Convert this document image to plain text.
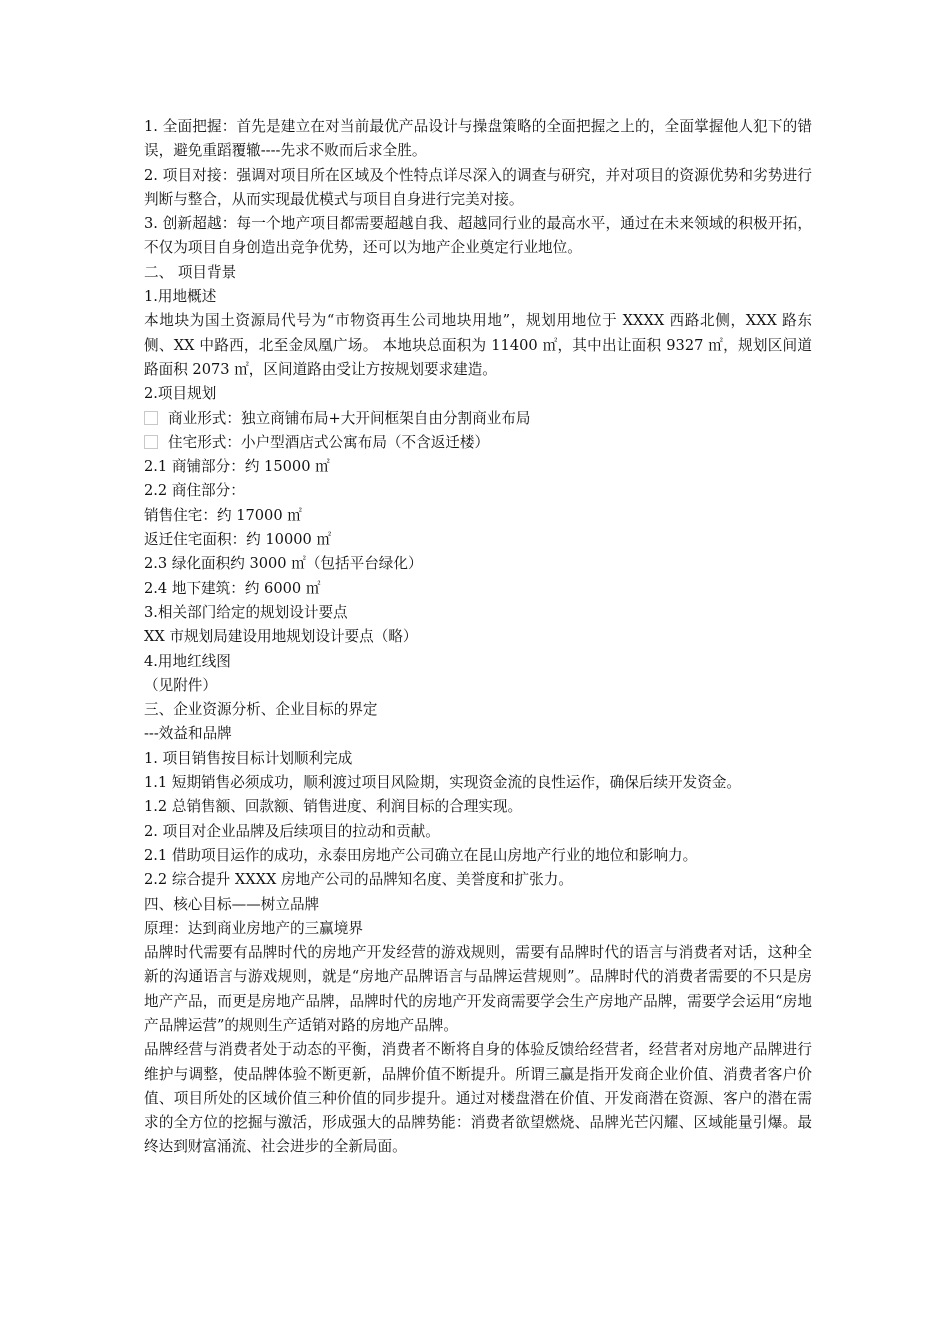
1. 全面把握：首先是建立在对当前最优产品设计与操盘策略的全面把握之上的，全面掌握他人犯下的错误，避免重蹈覆辙----先求不败而后求全胜。
2. 项目对接：强调对项目所在区域及个性特点详尽深入的调查与研究，并对项目的资源优势和劣势进行判断与整合，从而实现最优模式与项目自身进行完美对接。
3. 创新超越：每一个地产项目都需要超越自我、超越同行业的最高水平，通过在未来领域的积极开拓，不仅为项目自身创造出竞争优势，还可以为地产企业奠定行业地位。
二、 项目背景
1.用地概述
本地块为国土资源局代号为“市物资再生公司地块用地”，规划用地位于 XXXX 西路北侧，XXX 路东侧、XX 中路西，北至金凤凰广场。 本地块总面积为 11400 ㎡，其中出让面积 9327 ㎡，规划区间道路面积 2073 ㎡，区间道路由受让方按规划要求建造。
2.项目规划
商业形式：独立商铺布局+大开间框架自由分割商业布局
住宅形式：小户型酒店式公寓布局（不含返迁楼）
2.1 商铺部分：约 15000 ㎡
2.2 商住部分：
销售住宅：约 17000 ㎡
返迁住宅面积：约 10000 ㎡
2.3 绿化面积约 3000 ㎡（包括平台绿化）
2.4 地下建筑：约 6000 ㎡
3.相关部门给定的规划设计要点
XX 市规划局建设用地规划设计要点（略）
4.用地红线图
（见附件）
三、企业资源分析、企业目标的界定
---效益和品牌
1. 项目销售按目标计划顺利完成
1.1 短期销售必须成功，顺利渡过项目风险期，实现资金流的良性运作，确保后续开发资金。
1.2 总销售额、回款额、销售进度、利润目标的合理实现。
2. 项目对企业品牌及后续项目的拉动和贡献。
2.1 借助项目运作的成功，永泰田房地产公司确立在昆山房地产行业的地位和影响力。
2.2 综合提升 XXXX 房地产公司的品牌知名度、美誉度和扩张力。
四、核心目标——树立品牌
原理：达到商业房地产的三赢境界
品牌时代需要有品牌时代的房地产开发经营的游戏规则，需要有品牌时代的语言与消费者对话，这种全新的沟通语言与游戏规则，就是“房地产品牌语言与品牌运营规则”。品牌时代的消费者需要的不只是房地产产品，而更是房地产品牌，品牌时代的房地产开发商需要学会生产房地产品牌，需要学会运用“房地产品牌运营”的规则生产适销对路的房地产品牌。
品牌经营与消费者处于动态的平衡，消费者不断将自身的体验反馈给经营者，经营者对房地产品牌进行维护与调整，使品牌体验不断更新，品牌价值不断提升。所谓三赢是指开发商企业价值、消费者客户价值、项目所处的区域价值三种价值的同步提升。通过对楼盘潜在价值、开发商潜在资源、客户的潜在需求的全方位的挖掘与激活，形成强大的品牌势能：消费者欲望燃烧、品牌光芒闪耀、区域能量引爆。最终达到财富涌流、社会进步的全新局面。
